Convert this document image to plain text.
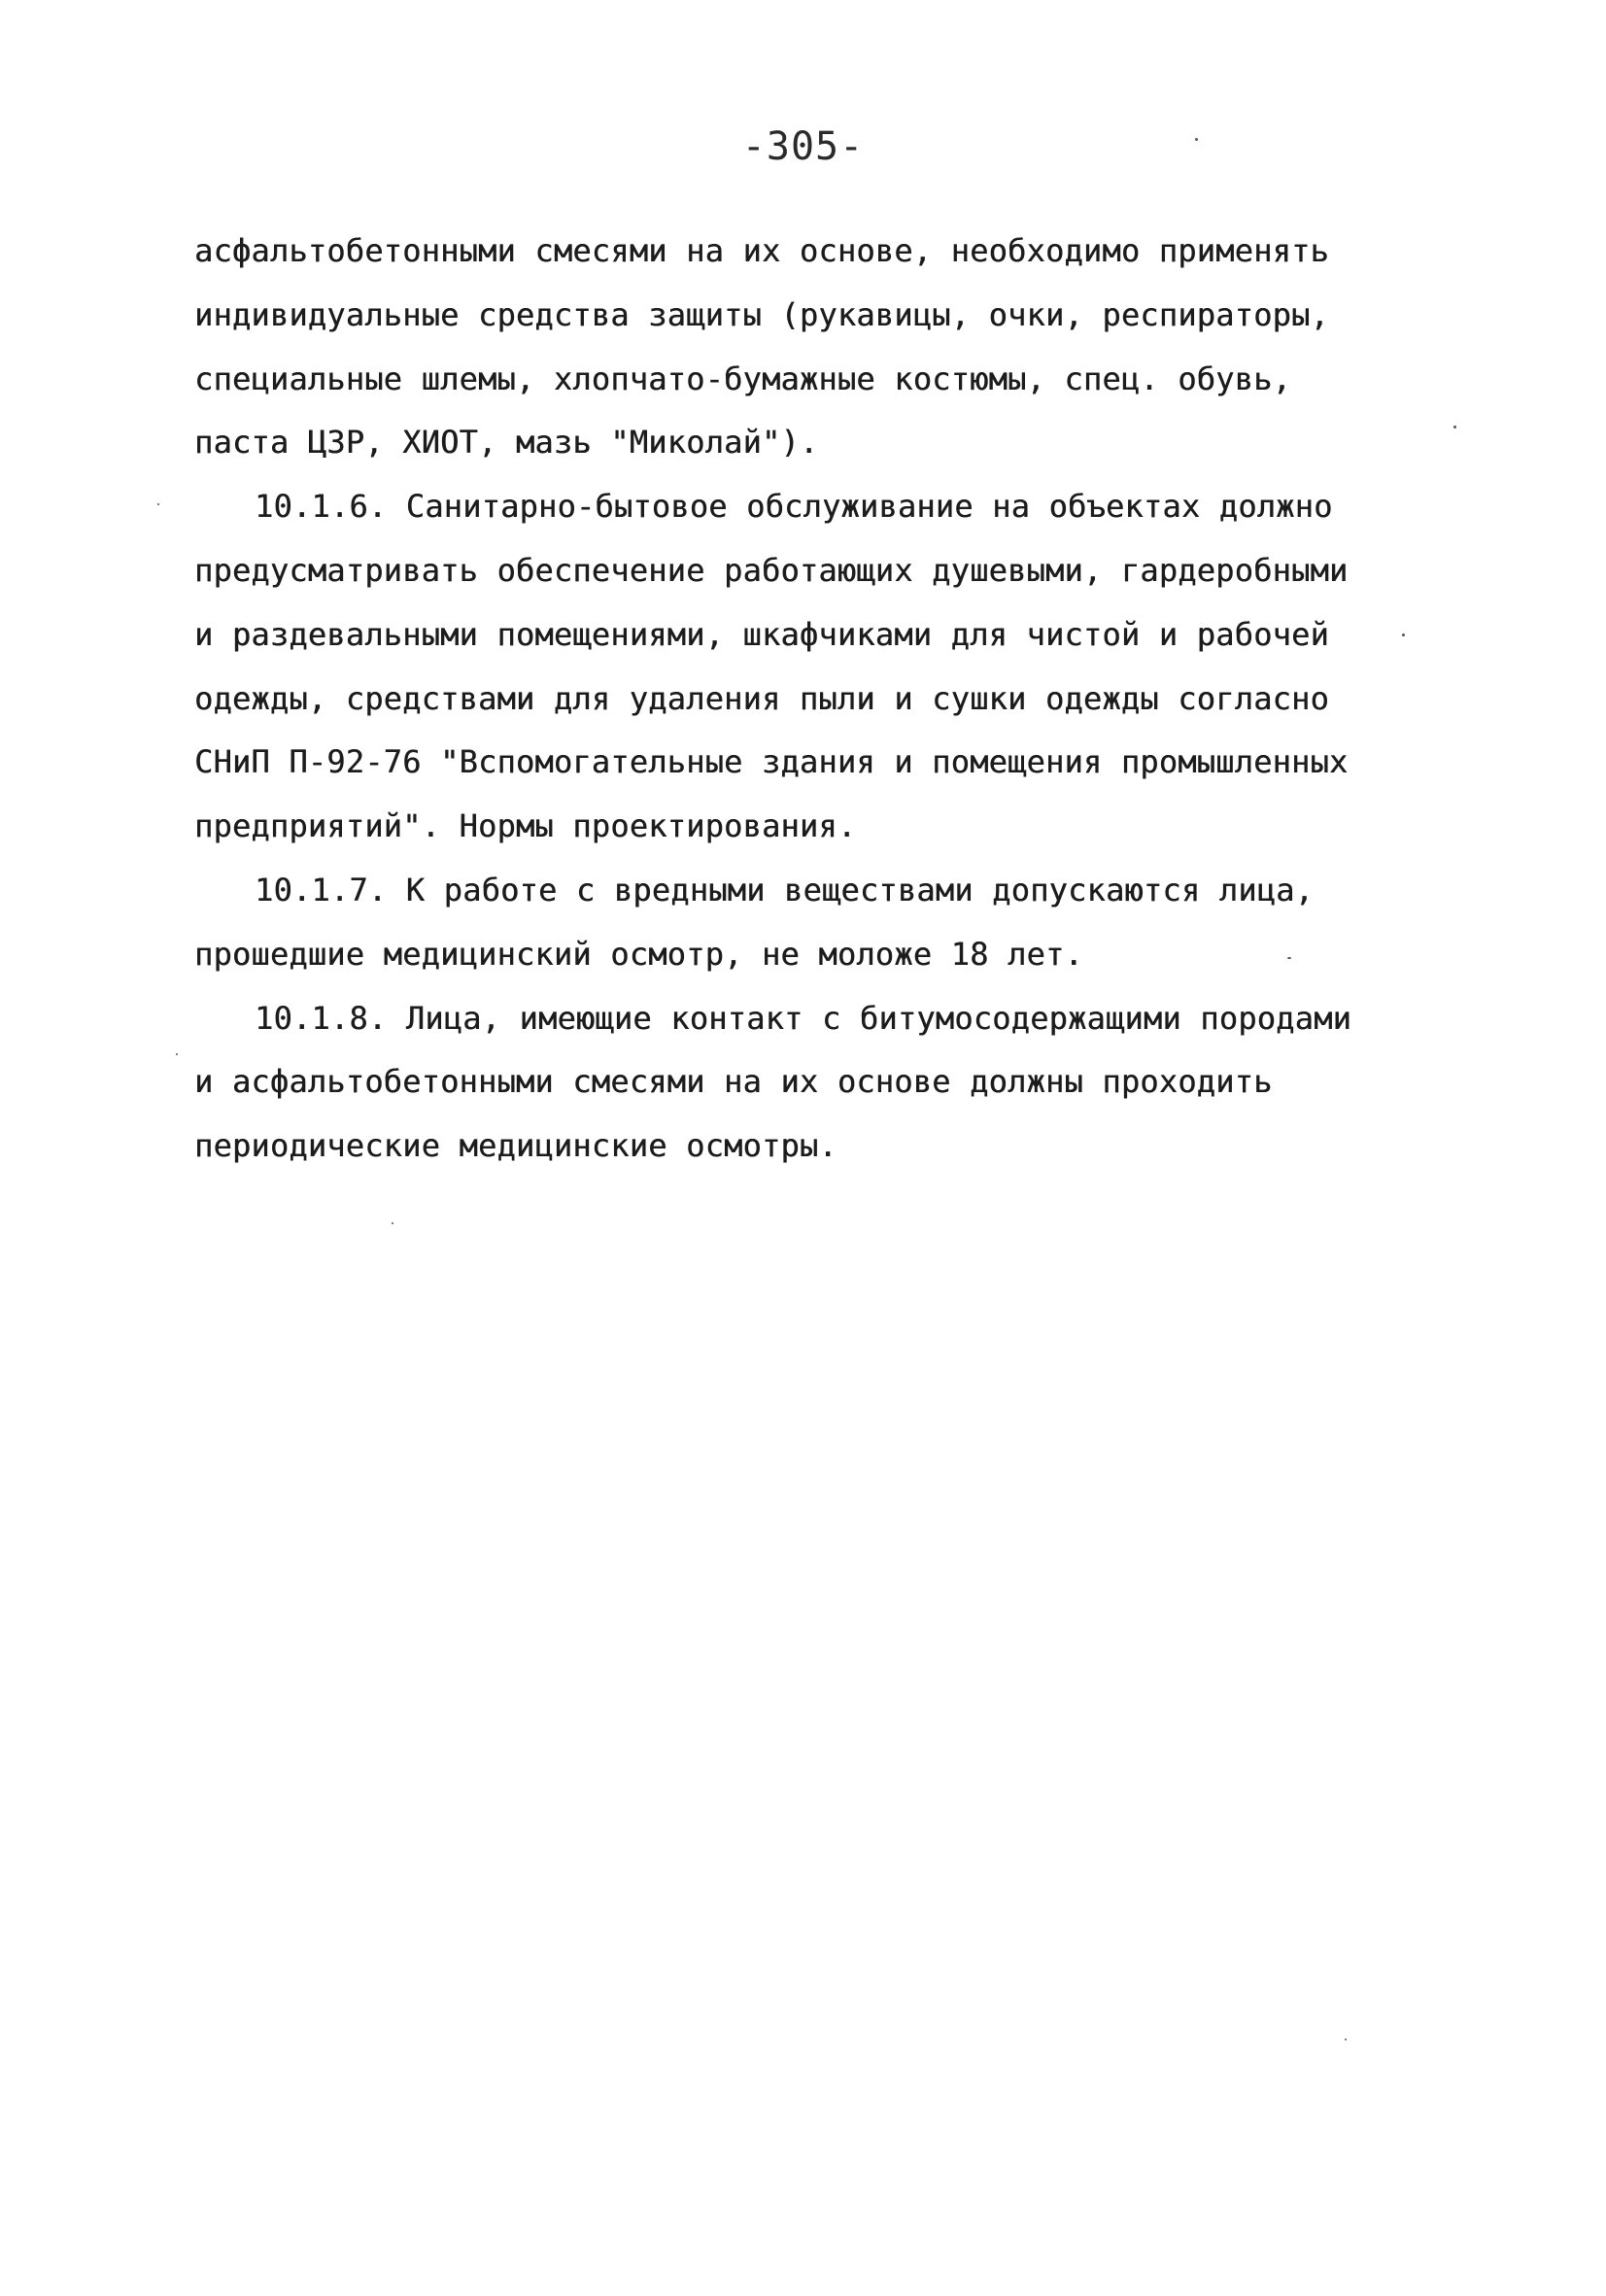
-305-
асфальтобетонными смесями на их основе, необходимо применять
индивидуальные средства защиты (рукавицы, очки, респираторы,
специальные шлемы, хлопчато-бумажные костюмы, спец. обувь,
паста ЦЗР, ХИОТ, мазь "Миколай").
10.1.6. Санитарно-бытовое обслуживание на объектах должно
предусматривать обеспечение работающих душевыми, гардеробными
и раздевальными помещениями, шкафчиками для чистой и рабочей
одежды, средствами для удаления пыли и сушки одежды согласно
СНиП П-92-76 "Вспомогательные здания и помещения промышленных
предприятий". Нормы проектирования.
10.1.7. К работе с вредными веществами допускаются лица,
прошедшие медицинский осмотр, не моложе 18 лет.
10.1.8. Лица, имеющие контакт с битумосодержащими породами
и асфальтобетонными смесями на их основе должны проходить
периодические медицинские осмотры.
